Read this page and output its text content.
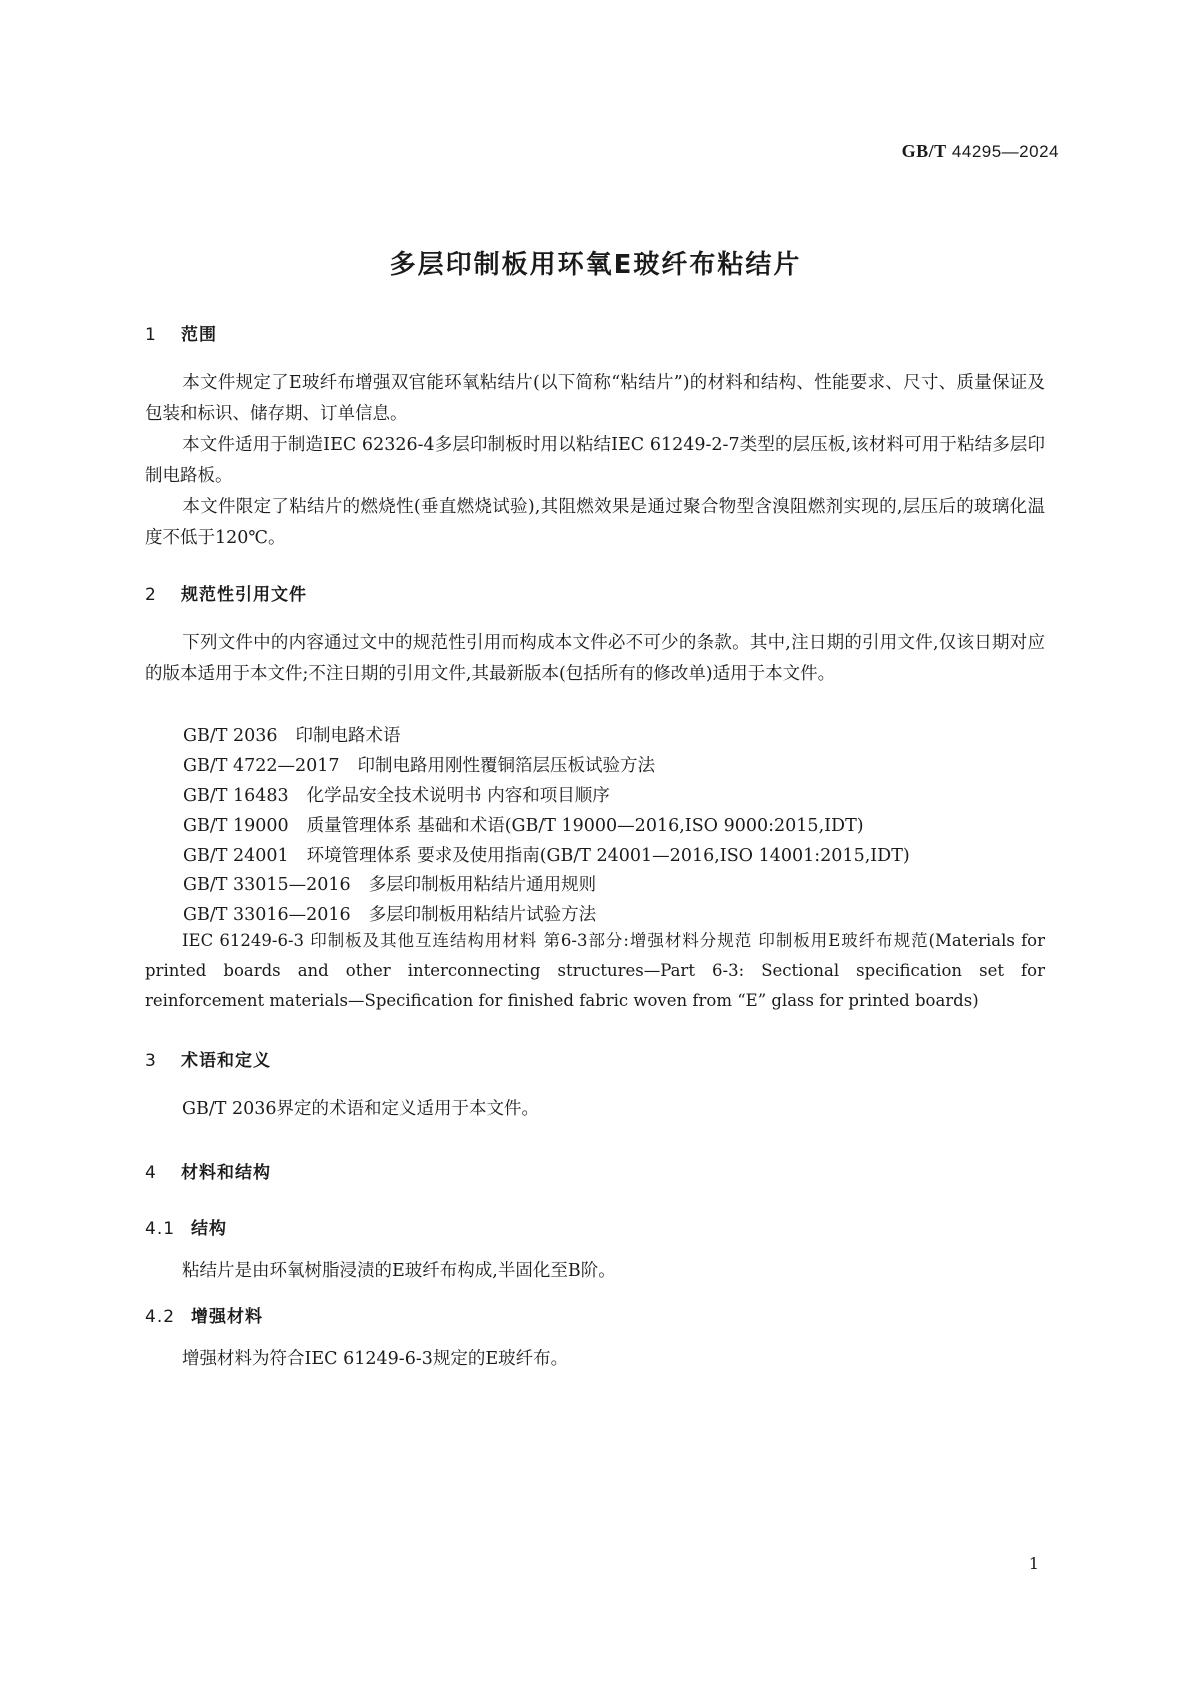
GB/T 44295—2024
多层印制板用环氧E玻纤布粘结片
1 范围
本文件规定了E玻纤布增强双官能环氧粘结片(以下简称“粘结片”)的材料和结构、性能要求、尺寸、质量保证及包装和标识、储存期、订单信息。
本文件适用于制造IEC 62326-4多层印制板时用以粘结IEC 61249-2-7类型的层压板,该材料可用于粘结多层印制电路板。
本文件限定了粘结片的燃烧性(垂直燃烧试验),其阻燃效果是通过聚合物型含溴阻燃剂实现的,层压后的玻璃化温度不低于120℃。
2 规范性引用文件
下列文件中的内容通过文中的规范性引用而构成本文件必不可少的条款。其中,注日期的引用文件,仅该日期对应的版本适用于本文件;不注日期的引用文件,其最新版本(包括所有的修改单)适用于本文件。
GB/T 2036 印制电路术语
GB/T 4722—2017 印制电路用刚性覆铜箔层压板试验方法
GB/T 16483 化学品安全技术说明书 内容和项目顺序
GB/T 19000 质量管理体系 基础和术语(GB/T 19000—2016,ISO 9000:2015,IDT)
GB/T 24001 环境管理体系 要求及使用指南(GB/T 24001—2016,ISO 14001:2015,IDT)
GB/T 33015—2016 多层印制板用粘结片通用规则
GB/T 33016—2016 多层印制板用粘结片试验方法
IEC 61249-6-3 印制板及其他互连结构用材料 第6-3部分:增强材料分规范 印制板用E玻纤布规范(Materials for printed boards and other interconnecting structures—Part 6-3: Sectional specification set for reinforcement materials—Specification for finished fabric woven from “E” glass for printed boards)
3 术语和定义
GB/T 2036界定的术语和定义适用于本文件。
4 材料和结构
4.1 结构
粘结片是由环氧树脂浸渍的E玻纤布构成,半固化至B阶。
4.2 增强材料
增强材料为符合IEC 61249-6-3规定的E玻纤布。
1
